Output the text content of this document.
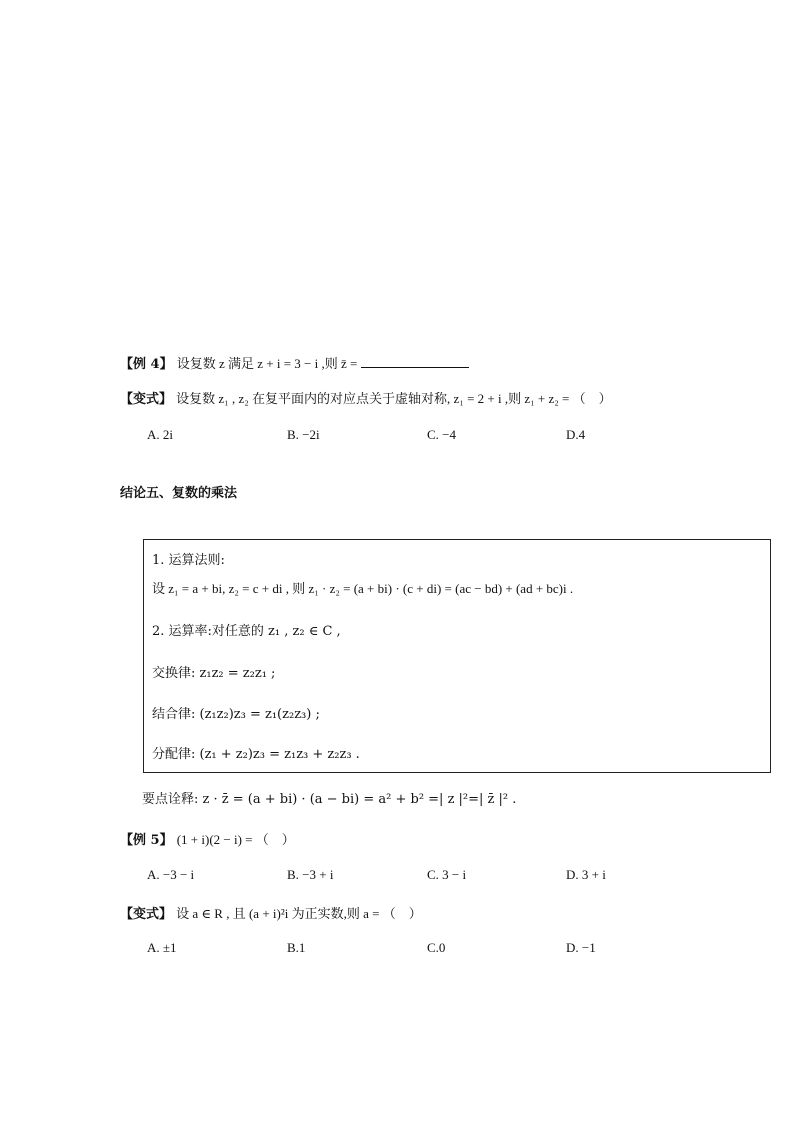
【例 4】 设复数 z 满足 z + i = 3 − i ,则 z̄ =
【变式】 设复数 z₁ , z₂ 在复平面内的对应点关于虚轴对称, z₁ = 2 + i ,则 z₁ + z₂ = （　）
A. 2i	B. −2i	C. −4	D.4
结论五、复数的乘法
1. 运算法则:
设 z₁ = a + bi, z₂ = c + di , 则 z₁ · z₂ = (a + bi) · (c + di) = (ac − bd) + (ad + bc)i .
2. 运算率:对任意的 z₁ , z₂ ∈ C ,
交换律: z₁z₂ = z₂z₁ ;
结合律: (z₁z₂)z₃ = z₁(z₂z₃) ;
分配律: (z₁ + z₂)z₃ = z₁z₃ + z₂z₃ .
要点诠释: z · z̄ = (a + bi) · (a − bi) = a² + b² =| z |²=| z̄ |² .
【例 5】 (1 + i)(2 − i) = （　）
A. −3 − i	B. −3 + i	C. 3 − i	D. 3 + i
【变式】 设 a ∈ R , 且 (a + i)²i 为正实数,则 a = （　）
A. ±1	B.1	C.0	D. −1
